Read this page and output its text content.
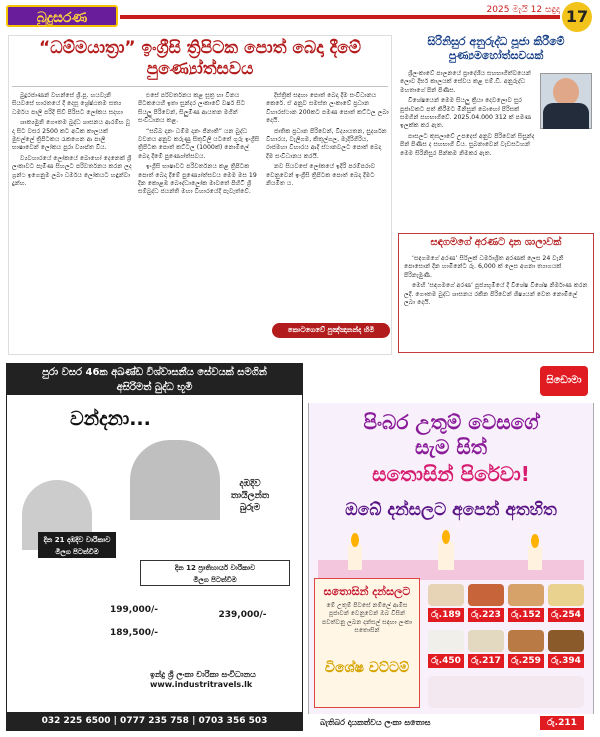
බුදුසරණ	2025 මැයි 12 සඳුදා 17
“ධම්මයාත්‍රා” ඉංග්‍රීසි ත්‍රිපිටක පොත් බෙදා දීමේ
පුණ්‍යෝත්සවය

බුදුරජාණන් වහන්සේ ශ්‍රී.පූ. හයවැනි සියවසේ භාරතයේ දී දෙසූ ශ්‍රේෂ්ඨතම සත්‍ය ධර්මය පාලි පරිදි සිව් පිරිසට ලෝකය සදහා

ශාක්‍යමුනි ගෞතම බුද්ධ ශාසනය ආරම්භ වූ දා සිට වසර 2500 කට අධික කාලයක් මුළුල්ලේ ත්‍රිපිටකය රැකගෙන ආ පාලි භාෂාවෙන් ලෝකය පුරා ව්‍යාප්ත විය.

ව්‍යවහාරයේ ලෝකයේ බොහෝ දෙනෙක් ශ්‍රී ලංකාවට පැමිණ සිහලට පරිවර්තනය කරන ලද ග්‍රන්ථ ඉගෙනුම ලබා ධර්මය ලෝකයට හඳුන්වා දුන්හ.

එසේ පරිවර්තනය කළ සූත්‍ර හා විනය පිටකයෙහි ඉතා සුන්දර ලංකාවේ වර්ෂ සිට සියලු පිරිවෙන්, සිලුමිණ ආයතන මගින් සංවිධානය කළ.

“සබ්බ දානං ධම්ම දානං ජිනාති” යන බුද්ධ වචනය අනුව කරුණු සිතුවිලි යටතේ ගුරු ඉංග්‍රීසි ත්‍රිපිටක පොත් කට්ටල (1000ක්) නොමිලේ බෙදා දීමේ පුණ්‍යෝත්සවය.

ඉංග්‍රීසි භාෂාවට පරිවර්තනය කළ ත්‍රිපිටක පොත් බෙදා දීමේ පුණ්‍යෝත්සවය මෙම මස 19 දින කොළඹ බෞද්ධාලෝක මාවතේ පිහිටි ශ්‍රී සම්බුද්ධ ජයන්ති මහා විහාරයේදී පැවැත්වේ.

දිස්ත්‍රික් සඳහා පොත් බෙදා දීම සංවිධානය කෙරේ. ඒ අනුව සමස්ත ලංකාවේ ප්‍රධාන විහාරස්ථාන 200කට පමණ පොත් කට්ටල ලබා දෙයි.

ජාතික ප්‍රධාන පිරිවෙන්, විද්‍යායතන, සුදර්ශන විහාරය, වැලිගම, කිතුල්ගල, මැදිරිගිරිය, රාජමහා විහාරය ආදි ස්ථානවලට පොත් බෙදා දීම සංවිධානය කරයි.

නව සියවසේ ලෝකයේ ඉදිරි පරම්පරාව වෙනුවෙන් ඉංග්‍රීසි ත්‍රිපිටක පොත් බෙදා දීමට නියමිත ය.

කොටගෙවේ පුඤ්ඤානන්ද හිමි
සිරිනිසුර අනුරුද්ධ පූජා කිරීමේ
පුණ්‍යමහෝත්සවයක්

ශ්‍රීලංකාවේ පාලනයේ ප්‍රාදේශීය සහභාගිත්වයෙන් ලොව දීර්ඝ කාලයක් සේවය කළ එම්.ඩී. අනුරුද්ධ මහතාගේ පින් පිණිස.

විශේෂයෙන් මෙම සියලු ක්‍රියා දෙවලොව සුර පූජාවකට පත් කිරීමට මිනිසුන් බොහෝ පිරිසක් සමගින් සහභාගිවේ. 2025.04.000 312 ක් පමණ ඉලක්ක කර ඇත.

පාසලට කුසලාවේ උපදෙස් අනුව පිරිවෙන් සිසුන්ද පින් පිණිස ද සහභාගි විය. සුබනාවෙන් වැඩසටහන් මෙම සිරිනිසුර පින්කම නිමකර ඇත.

සඳගමගේ අරණට දාන ශාලාවක්

‘සඳගමගේ අරණ’ සිරිලක් ධර්මාශ්‍රිත අරණක් ලෙස 24 වැනි පොසොන් දින හාමිනේට රු. 6,000 ක් ලෙස අගනා ත්‍යාගයක් පිරිනැමුණි.

මෙහි ‘සඳගමගේ අරණ’ පූජ්‍යභූමියේ දී විශේෂ විශේෂ නිර්මාණ කරන ලදී. ගෞතම බුද්ධ ශාසනය රකින පිරිවෙන් ශිෂ්‍යයන් වෙත නොමිලේ ලබා දෙයි.

පුරා වසර 46ක අඛණ්ඩ විශ්වාසනීය සේවයක් සමගින්
අසිරිමත් බුද්ධ භූමි
වන්දනා...
දඹදිව
තායිලන්ත
බුරුම
දින 21 දඹදිව වාරිකාව
මිලග පිටත්වීම
දින 12 ප්‍රාතිහාර්ය වාරිකාව
මිලග පිටත්වීම
199,000/-
189,500/-
239,000/-
ඉන්දු ශ්‍රී ලංකා චාරිකා සංවිධානය
www.industritravels.lk
032 225 6500 | 0777 235 758 | 0703 356 503
සිඩොමා
පිංබර උතුම් වෙසගේ
සැම සිත්
සතොසින් පිරේවා!
ඔබේ දන්සලට අපෙන් අතහිත
සතොසින් දන්සලට
මේ උතුම් පිවසේ නම්ලේ ආමිස පූජාවන් වෙනුවෙන් ඔබ විසින් පවත්වනු ලබන දන්සල් සඳහා ලංකා සතොසින්
විශේෂ වට්ටම්
රු.189	රු.223	රු.152	රු.254
රු.450	රු.217	රු.259	රු.394
බැතිබර දායකත්වය ලංකා සතොස	රු.211
